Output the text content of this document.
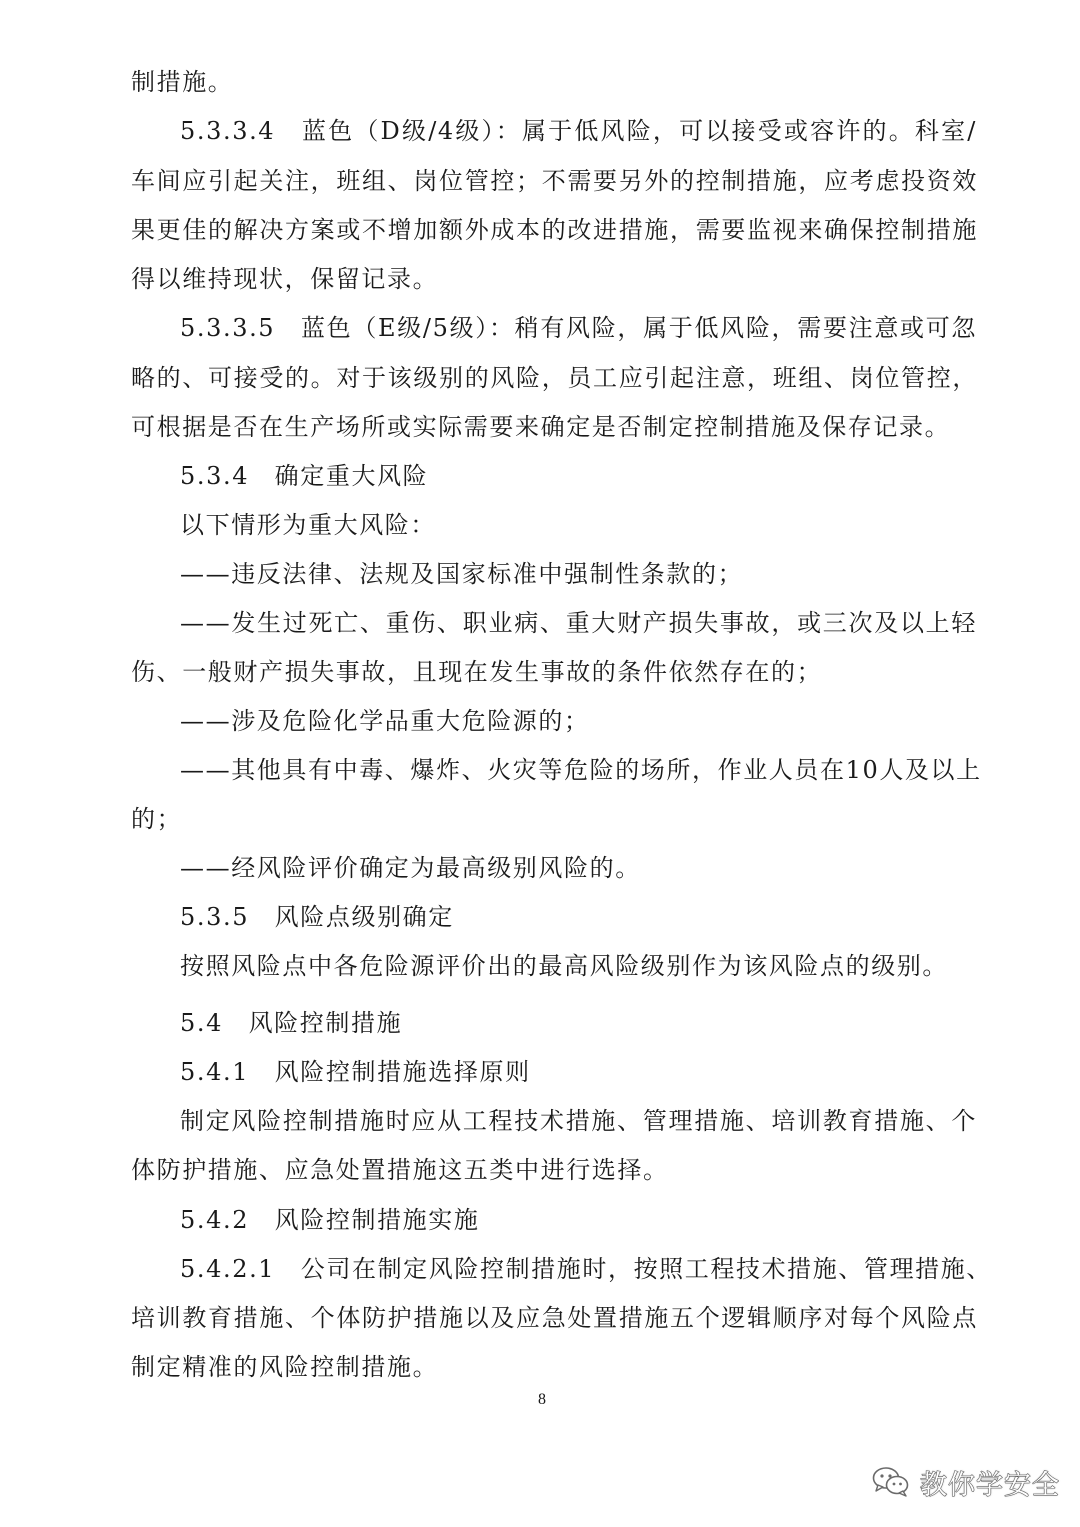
制措施。
5.3.3.4　蓝色（D级/4级）：属于低风险，可以接受或容许的。科室/
车间应引起关注，班组、岗位管控；不需要另外的控制措施，应考虑投资效
果更佳的解决方案或不增加额外成本的改进措施，需要监视来确保控制措施
得以维持现状，保留记录。
5.3.3.5　蓝色（E级/5级）：稍有风险，属于低风险，需要注意或可忽
略的、可接受的。对于该级别的风险，员工应引起注意，班组、岗位管控，
可根据是否在生产场所或实际需要来确定是否制定控制措施及保存记录。
5.3.4　确定重大风险
以下情形为重大风险：
——违反法律、法规及国家标准中强制性条款的；
——发生过死亡、重伤、职业病、重大财产损失事故，或三次及以上轻
伤、一般财产损失事故，且现在发生事故的条件依然存在的；
——涉及危险化学品重大危险源的；
——其他具有中毒、爆炸、火灾等危险的场所，作业人员在10人及以上
的；
——经风险评价确定为最高级别风险的。
5.3.5　风险点级别确定
按照风险点中各危险源评价出的最高风险级别作为该风险点的级别。
5.4　风险控制措施
5.4.1　风险控制措施选择原则
制定风险控制措施时应从工程技术措施、管理措施、培训教育措施、个
体防护措施、应急处置措施这五类中进行选择。
5.4.2　风险控制措施实施
5.4.2.1　公司在制定风险控制措施时，按照工程技术措施、管理措施、
培训教育措施、个体防护措施以及应急处置措施五个逻辑顺序对每个风险点
制定精准的风险控制措施。
8
教你学安全
